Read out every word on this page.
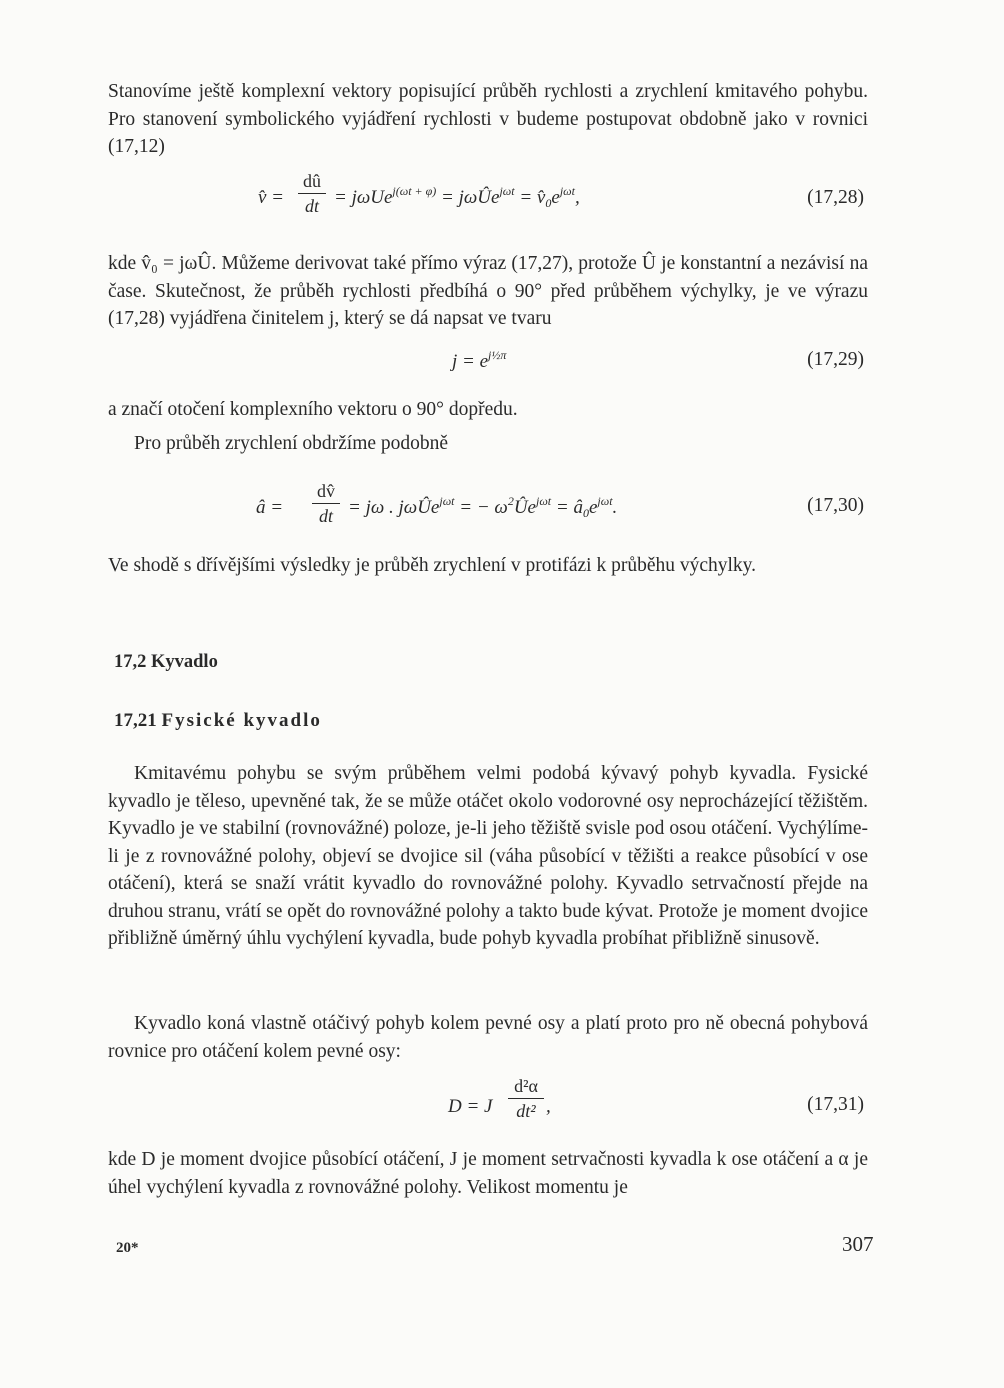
Stanovíme ještě komplexní vektory popisující průběh rychlosti a zrychlení kmitavého pohybu. Pro stanovení symbolického vyjádření rychlosti v budeme postupovat obdobně jako v rovnici (17,12)

v̂ =
dû
dt = jωUe$^{j(\omega t + \varphi)}$ = jωÛe$^{j\omega t}$ = $v̂_0e^{j\omega t}$,	(17,28)

kde v̂₀ = jωÛ. Můžeme derivovat také přímo výraz (17,27), protože Û je konstantní a nezávisí na čase. Skutečnost, že průběh rychlosti předbíhá o 90° před průběhem výchylky, je ve výrazu (17,28) vyjádřena činitelem j, který se dá napsat ve tvaru

$j = e^{j\frac{1}{2}\pi}$	(17,29)

a značí otočení komplexního vektoru o 90° dopředu.

Pro průběh zrychlení obdržíme podobně

â =
dv̂
dt = jω . jωÛe$^{j\omega t}$ = − $\omega^2Ûe^{j\omega t}$ = $â_0e^{j\omega t}$.	(17,30)

Ve shodě s dřívějšími výsledky je průběh zrychlení v protifázi k průběhu výchylky.

17,2 Kyvadlo
17,21 Fysické kyvadlo

Kmitavému pohybu se svým průběhem velmi podobá kývavý pohyb kyvadla. Fysické kyvadlo je těleso, upevněné tak, že se může otáčet okolo vodorovné osy neprocházející těžištěm. Kyvadlo je ve stabilní (rovnovážné) poloze, je-li jeho těžiště svisle pod osou otáčení. Vychýlíme-li je z rovnovážné polohy, objeví se dvojice sil (váha působící v těžišti a reakce působící v ose otáčení), která se snaží vrátit kyvadlo do rovnovážné polohy. Kyvadlo setrvačností přejde na druhou stranu, vrátí se opět do rovnovážné polohy a takto bude kývat. Protože je moment dvojice přibližně úměrný úhlu vychýlení kyvadla, bude pohyb kyvadla probíhat přibližně sinusově.

Kyvadlo koná vlastně otáčivý pohyb kolem pevné osy a platí proto pro ně obecná pohybová rovnice pro otáčení kolem pevné osy:

D = J
d²α
dt² ,	(17,31)

kde D je moment dvojice působící otáčení, J je moment setrvačnosti kyvadla k ose otáčení a α je úhel vychýlení kyvadla z rovnovážné polohy. Velikost momentu je

20*	307
